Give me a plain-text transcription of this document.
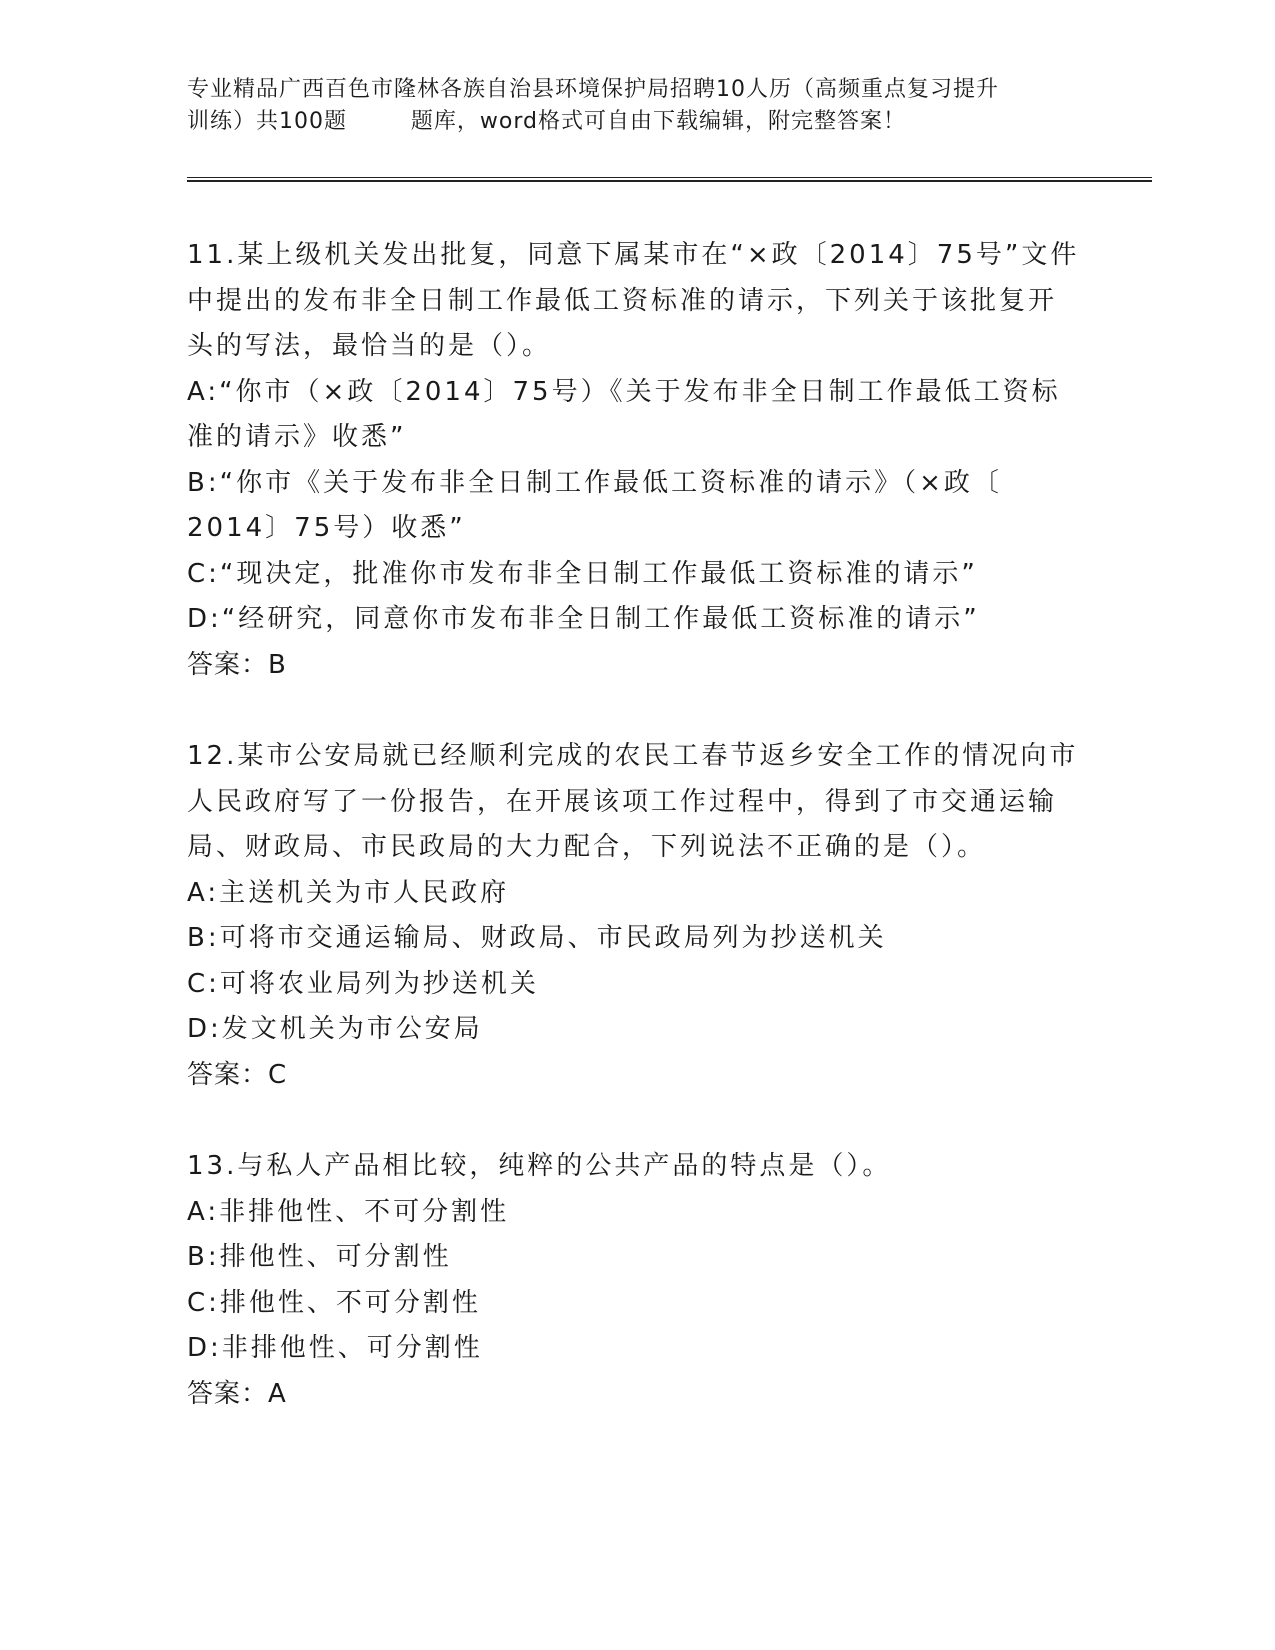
专业精品广西百色市隆林各族自治县环境保护局招聘10人历（高频重点复习提升
训练）共100题        题库，word格式可自由下载编辑，附完整答案！
11.某上级机关发出批复，同意下属某市在“×政〔2014〕75号”文件
中提出的发布非全日制工作最低工资标准的请示，下列关于该批复开
头的写法，最恰当的是（）。
A:“你市（×政〔2014〕75号）《关于发布非全日制工作最低工资标
准的请示》收悉”
B:“你市《关于发布非全日制工作最低工资标准的请示》（×政〔
2014〕75号）收悉”
C:“现决定，批准你市发布非全日制工作最低工资标准的请示”
D:“经研究，同意你市发布非全日制工作最低工资标准的请示”
答案：B
12.某市公安局就已经顺利完成的农民工春节返乡安全工作的情况向市
人民政府写了一份报告，在开展该项工作过程中，得到了市交通运输
局、财政局、市民政局的大力配合，下列说法不正确的是（）。
A:主送机关为市人民政府
B:可将市交通运输局、财政局、市民政局列为抄送机关
C:可将农业局列为抄送机关
D:发文机关为市公安局
答案：C
13.与私人产品相比较，纯粹的公共产品的特点是（）。
A:非排他性、不可分割性
B:排他性、可分割性
C:排他性、不可分割性
D:非排他性、可分割性
答案：A
